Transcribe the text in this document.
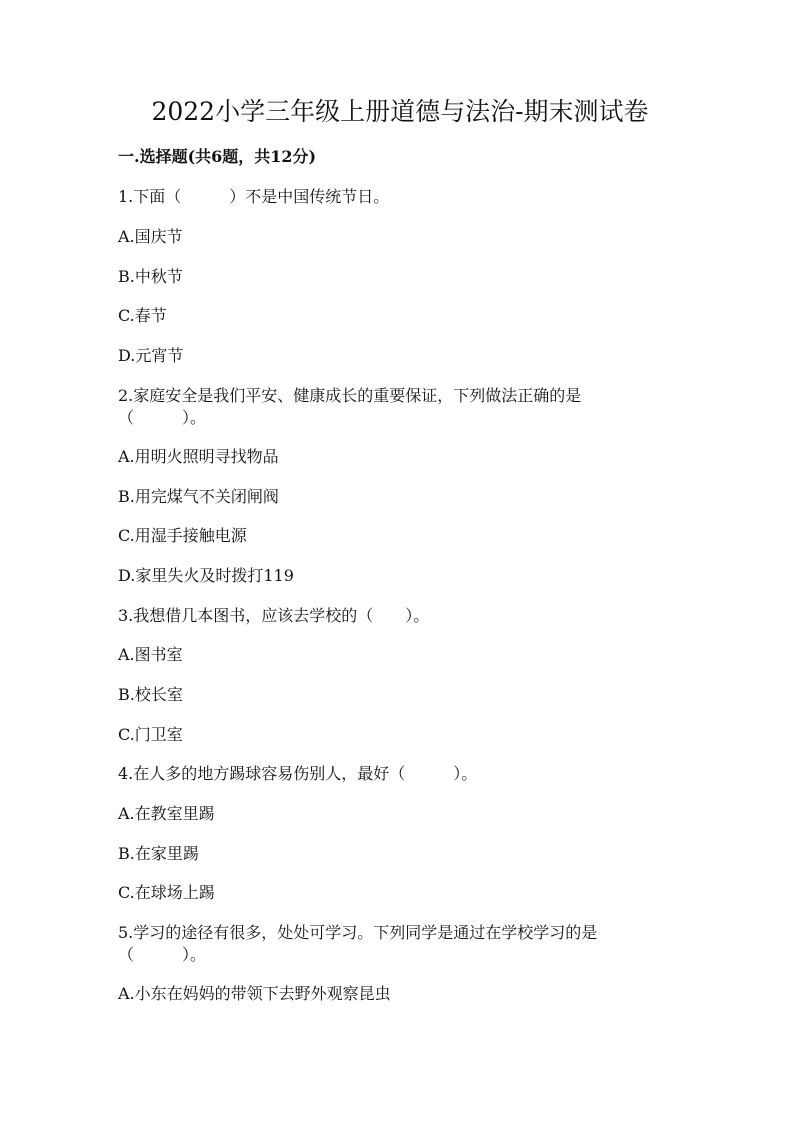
2022小学三年级上册道德与法治-期末测试卷
一.选择题(共6题，共12分)

1.下面（　　　）不是中国传统节日。

A.国庆节

B.中秋节

C.春节

D.元宵节

2.家庭安全是我们平安、健康成长的重要保证，下列做法正确的是

（　　　）。

A.用明火照明寻找物品

B.用完煤气不关闭闸阀

C.用湿手接触电源

D.家里失火及时拨打119

3.我想借几本图书，应该去学校的（　　）。

A.图书室

B.校长室

C.门卫室

4.在人多的地方踢球容易伤别人，最好（　　　）。

A.在教室里踢

B.在家里踢

C.在球场上踢

5.学习的途径有很多，处处可学习。下列同学是通过在学校学习的是

（　　　）。

A.小东在妈妈的带领下去野外观察昆虫
